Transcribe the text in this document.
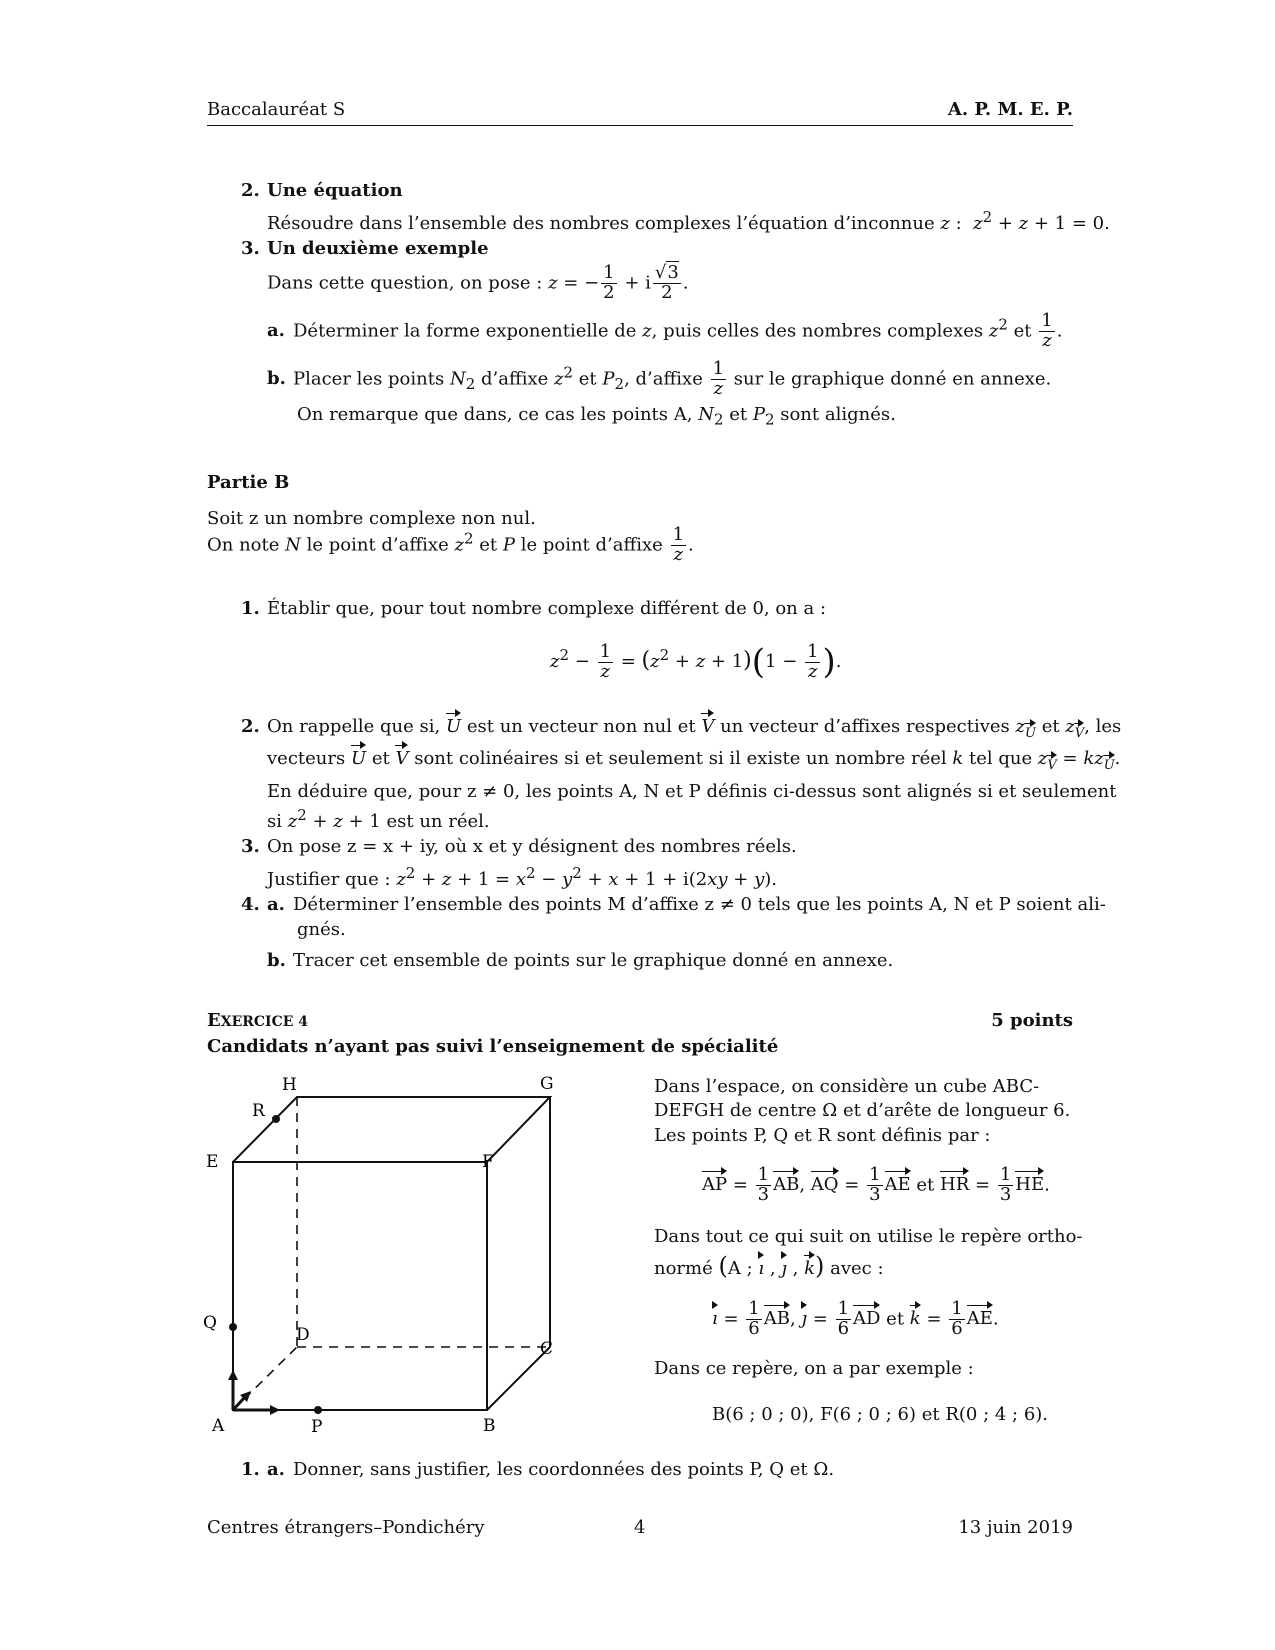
Baccalauréat S	A. P. M. E. P.
2. Une équation
Résoudre dans l’ensemble des nombres complexes l’équation d’inconnue z :  $z^2 + z + 1 = 0$.
3. Un deuxième exemple
Dans cette question, on pose : z = − $\frac{1}{2} + i \frac{√3}{2}$ .
a. Déterminer la forme exponentielle de z, puis celles des nombres complexes $z^2$ et $\frac{1}{z}$ .
b. Placer les points $N_2$ d’affixe $z^2$ et $P_2$, d’affixe $\frac{1}{z}$ sur le graphique donné en annexe.
On remarque que dans, ce cas les points A, $N_2$ et $P_2$ sont alignés.
Partie B
Soit z un nombre complexe non nul.
On note N le point d’affixe $z^2$ et P le point d’affixe $\frac{1}{z}$ .
1. Établir que, pour tout nombre complexe différent de 0, on a :
$z^2 - \frac{1}{z} = (z^2 + z + 1)(1 - \frac{1}{z}$ ).
2. On rappelle que si, U est un vecteur non nul et V un vecteur d’affixes respectives $z_U$ et $z_V$, les
vecteurs U et V sont colinéaires si et seulement si il existe un nombre réel k tel que $z_V = kz_U$.
En déduire que, pour z ≠ 0, les points A, N et P définis ci-dessus sont alignés si et seulement
si $z^2 + z + 1$ est un réel.
3. On pose z = x + iy, où x et y désignent des nombres réels.
Justifier que : $z^2 + z + 1 = x^2 - y^2 + x + 1 + i(2xy + y)$.
4. a. Déterminer l’ensemble des points M d’affixe z ≠ 0 tels que les points A, N et P soient ali-
gnés.
b. Tracer cet ensemble de points sur le graphique donné en annexe.
EXERCICE 4	5 points
Candidats n’ayant pas suivi l’enseignement de spécialité
H	G
R
E	F
Q
D
C
A	P	B
Dans l’espace, on considère un cube ABC-
DEFGH de centre Ω et d’arête de longueur 6.
Les points P, Q et R sont définis par :
AP = $\frac{1}{3}$ AB, AQ = $\frac{1}{3}$ AE et HR = $\frac{1}{3}$ HE.
Dans tout ce qui suit on utilise le repère ortho-
normé (A ; ı , ȷ , k) avec :
ı = $\frac{1}{6}$ AB, ȷ = $\frac{1}{6}$ AD et $k = \frac{1}{6}$ AE.
Dans ce repère, on a par exemple :
B(6 ; 0 ; 0), F(6 ; 0 ; 6) et R(0 ; 4 ; 6).
1. a. Donner, sans justifier, les coordonnées des points P, Q et Ω.
Centres étrangers–Pondichéry	4	13 juin 2019
